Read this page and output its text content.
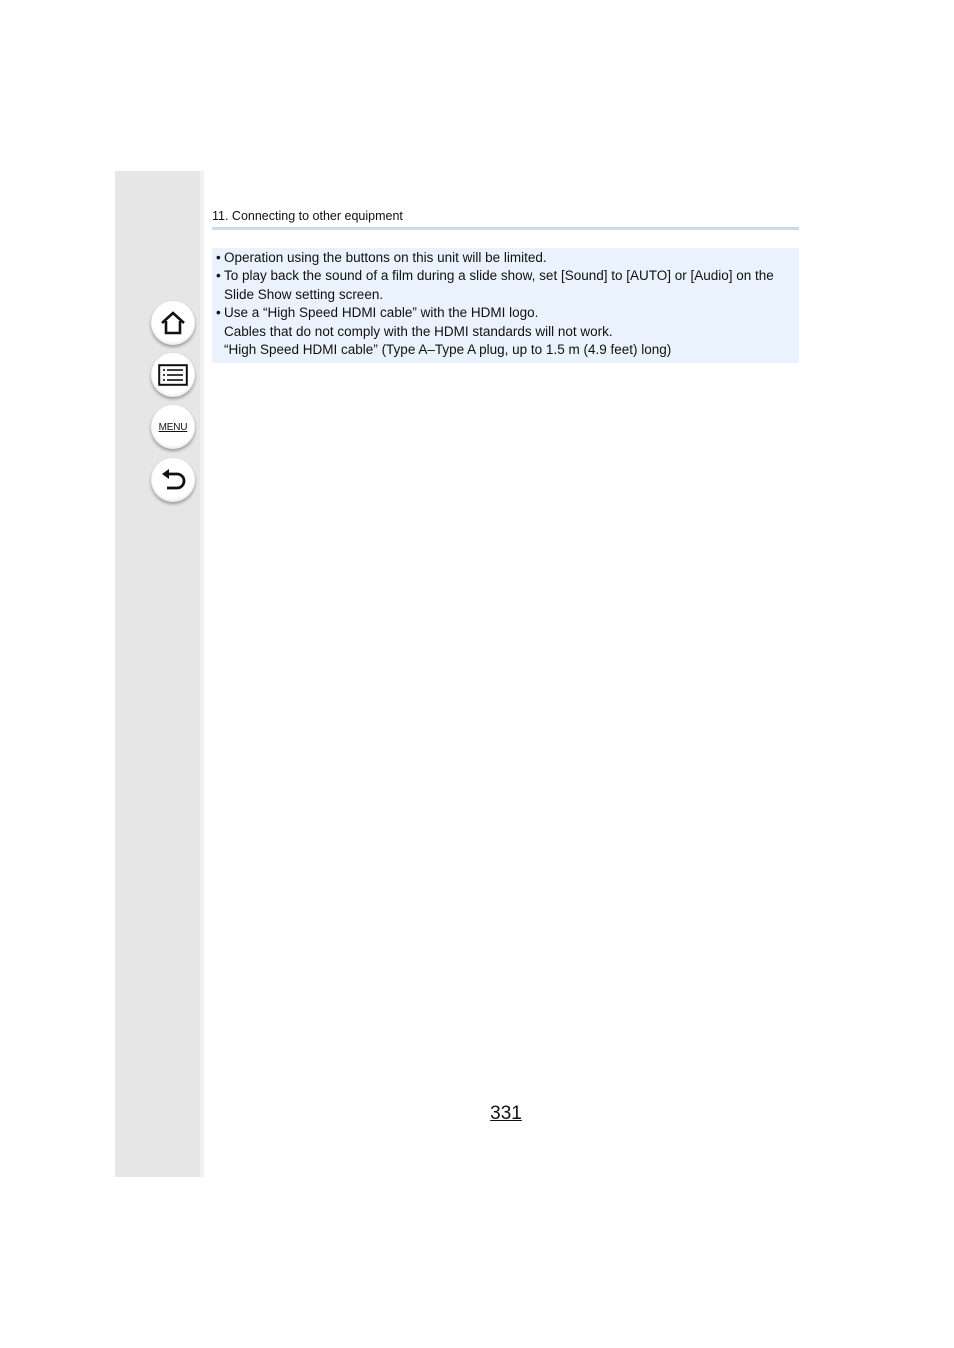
MENU
11. Connecting to other equipment
• Operation using the buttons on this unit will be limited.

• To play back the sound of a film during a slide show, set [Sound] to [AUTO] or [Audio] on the

Slide Show setting screen.

• Use a “High Speed HDMI cable” with the HDMI logo.

Cables that do not comply with the HDMI standards will not work.

“High Speed HDMI cable” (Type A–Type A plug, up to 1.5 m (4.9 feet) long)

331
